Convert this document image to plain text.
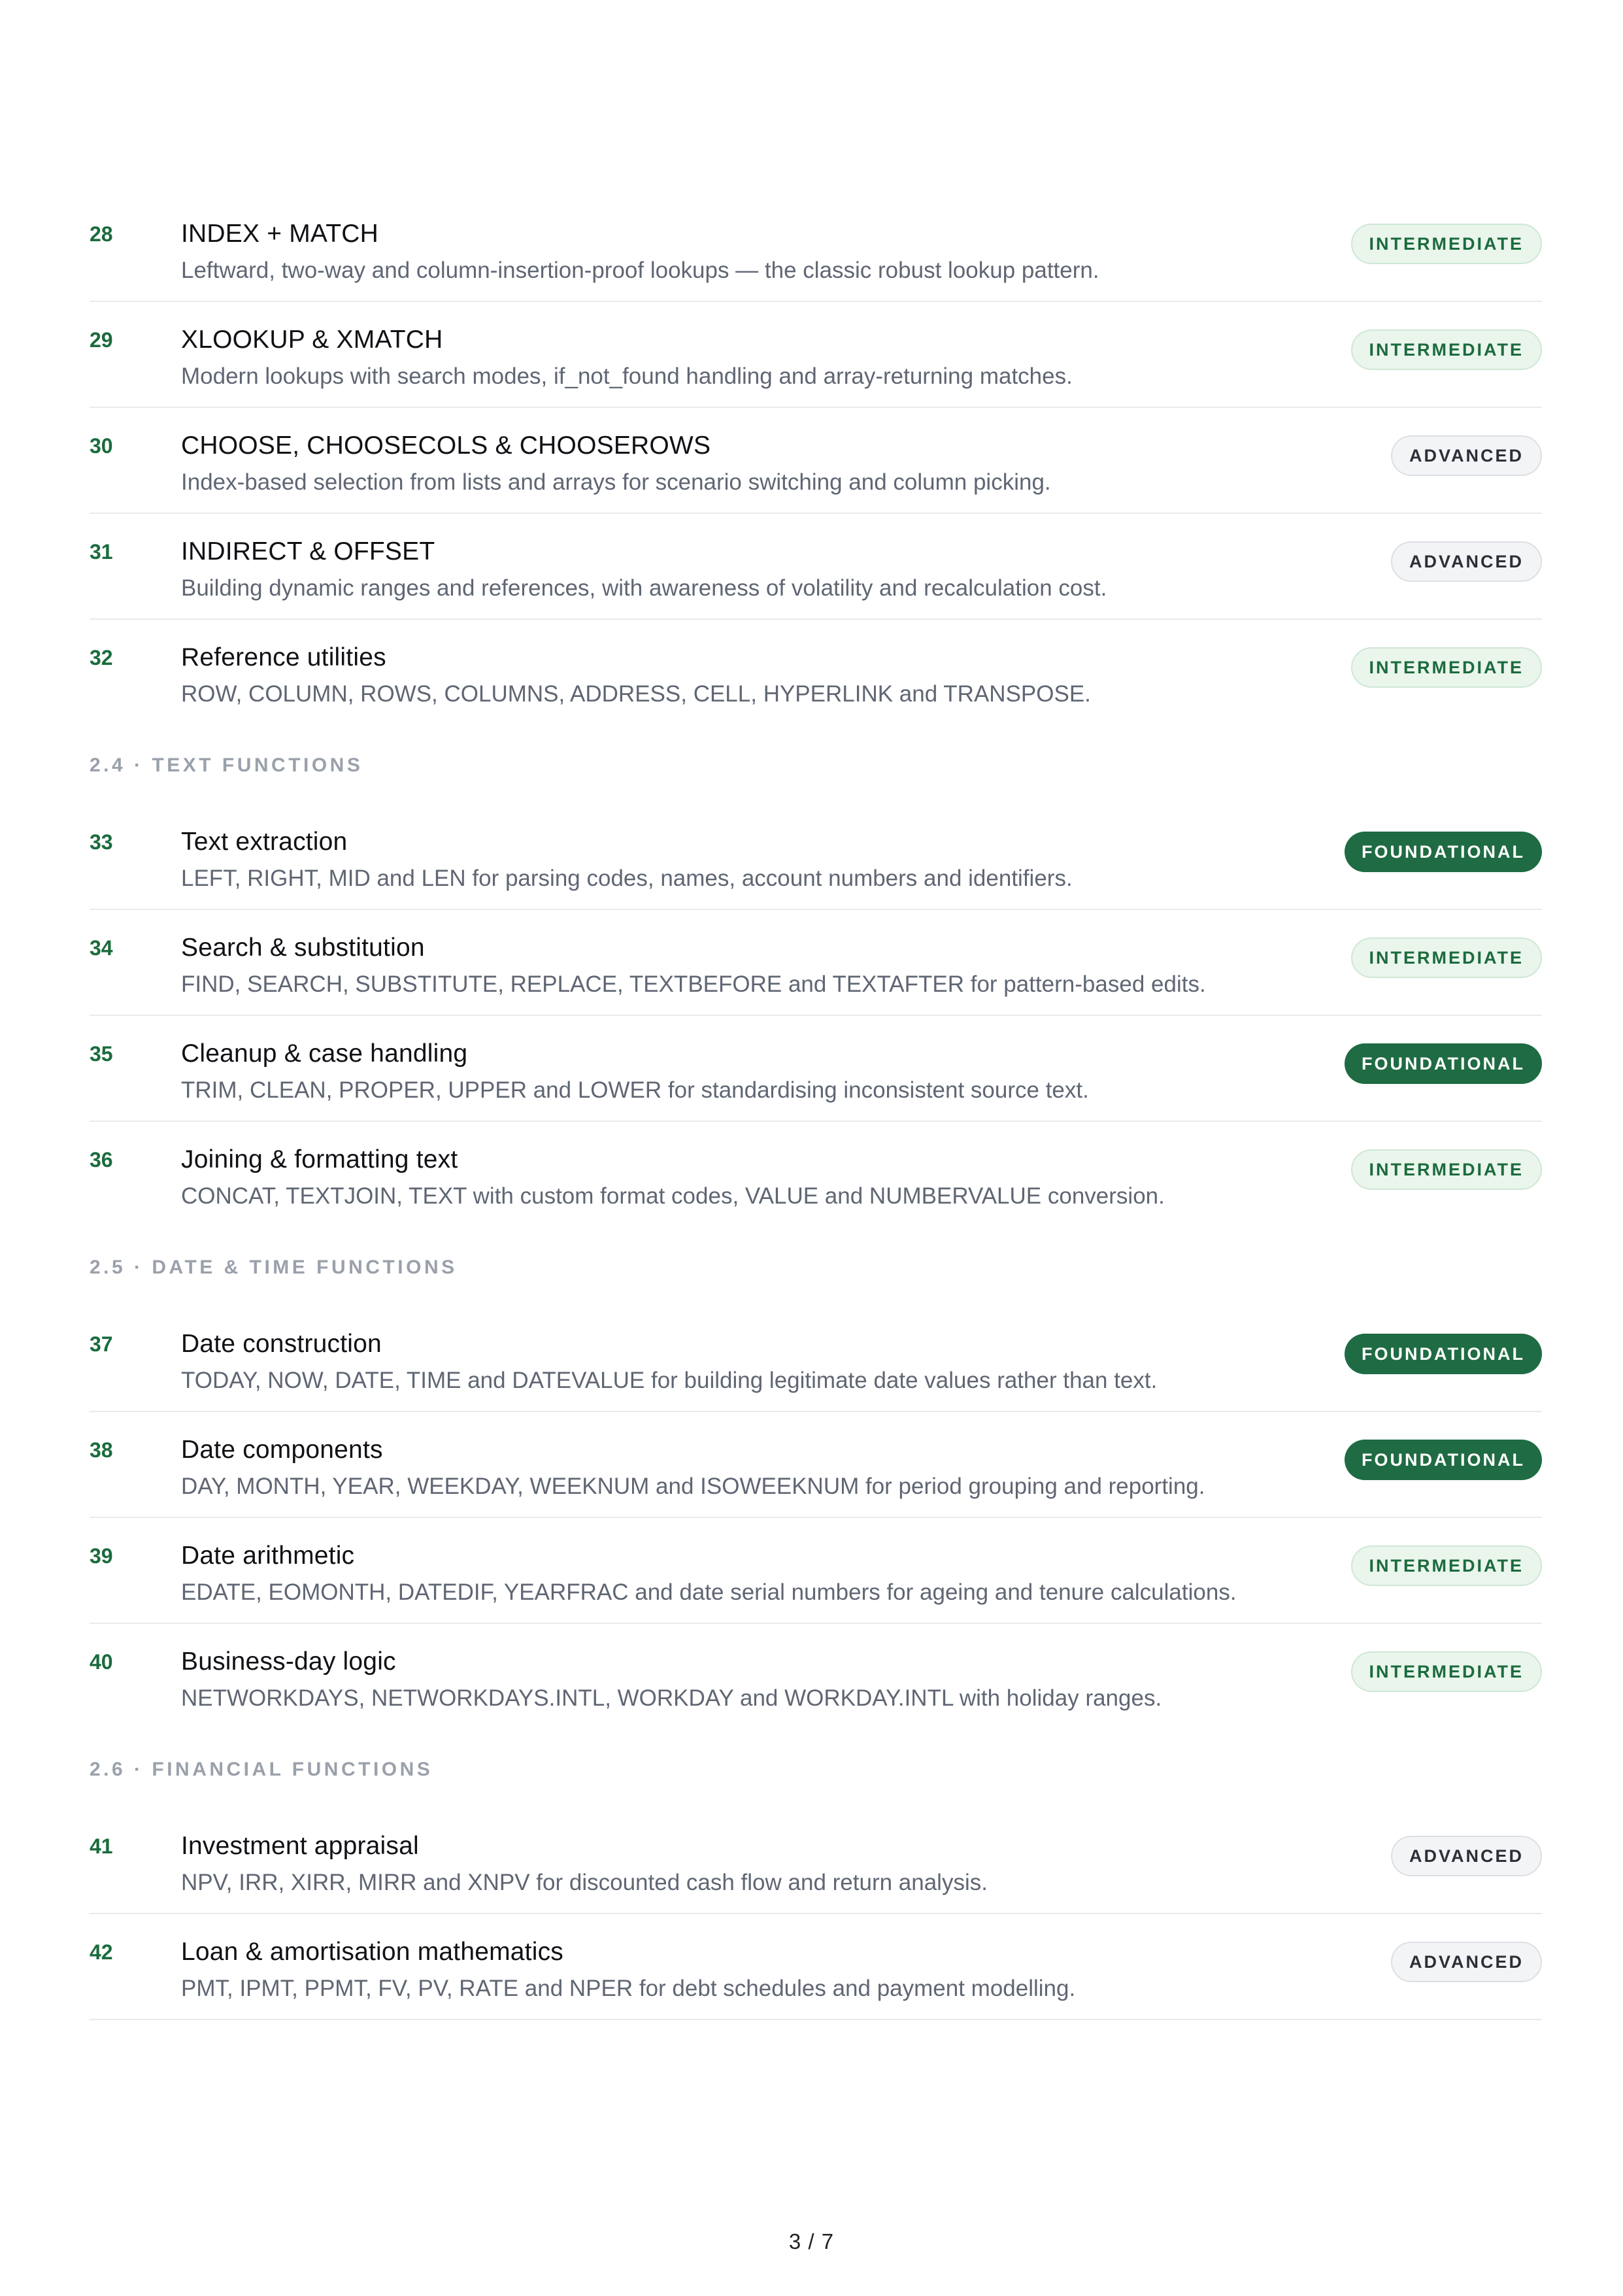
28	INDEX + MATCH
Leftward, two-way and column-insertion-proof lookups — the classic robust lookup pattern.
INTERMEDIATE
29	XLOOKUP & XMATCH
Modern lookups with search modes, if_not_found handling and array-returning matches.
INTERMEDIATE
30	CHOOSE, CHOOSECOLS & CHOOSEROWS
Index-based selection from lists and arrays for scenario switching and column picking.
ADVANCED
31	INDIRECT & OFFSET
Building dynamic ranges and references, with awareness of volatility and recalculation cost.
ADVANCED
32	Reference utilities
ROW, COLUMN, ROWS, COLUMNS, ADDRESS, CELL, HYPERLINK and TRANSPOSE.
INTERMEDIATE
2.4 · TEXT FUNCTIONS
33	Text extraction
LEFT, RIGHT, MID and LEN for parsing codes, names, account numbers and identifiers.
FOUNDATIONAL
34	Search & substitution
FIND, SEARCH, SUBSTITUTE, REPLACE, TEXTBEFORE and TEXTAFTER for pattern-based edits.
INTERMEDIATE
35	Cleanup & case handling
TRIM, CLEAN, PROPER, UPPER and LOWER for standardising inconsistent source text.
FOUNDATIONAL
36	Joining & formatting text
CONCAT, TEXTJOIN, TEXT with custom format codes, VALUE and NUMBERVALUE conversion.
INTERMEDIATE
2.5 · DATE & TIME FUNCTIONS
37	Date construction
TODAY, NOW, DATE, TIME and DATEVALUE for building legitimate date values rather than text.
FOUNDATIONAL
38	Date components
DAY, MONTH, YEAR, WEEKDAY, WEEKNUM and ISOWEEKNUM for period grouping and reporting.
FOUNDATIONAL
39	Date arithmetic
EDATE, EOMONTH, DATEDIF, YEARFRAC and date serial numbers for ageing and tenure calculations.
INTERMEDIATE
40	Business-day logic
NETWORKDAYS, NETWORKDAYS.INTL, WORKDAY and WORKDAY.INTL with holiday ranges.
INTERMEDIATE
2.6 · FINANCIAL FUNCTIONS
41	Investment appraisal
NPV, IRR, XIRR, MIRR and XNPV for discounted cash flow and return analysis.
ADVANCED
42	Loan & amortisation mathematics
PMT, IPMT, PPMT, FV, PV, RATE and NPER for debt schedules and payment modelling.
ADVANCED
3 / 7
